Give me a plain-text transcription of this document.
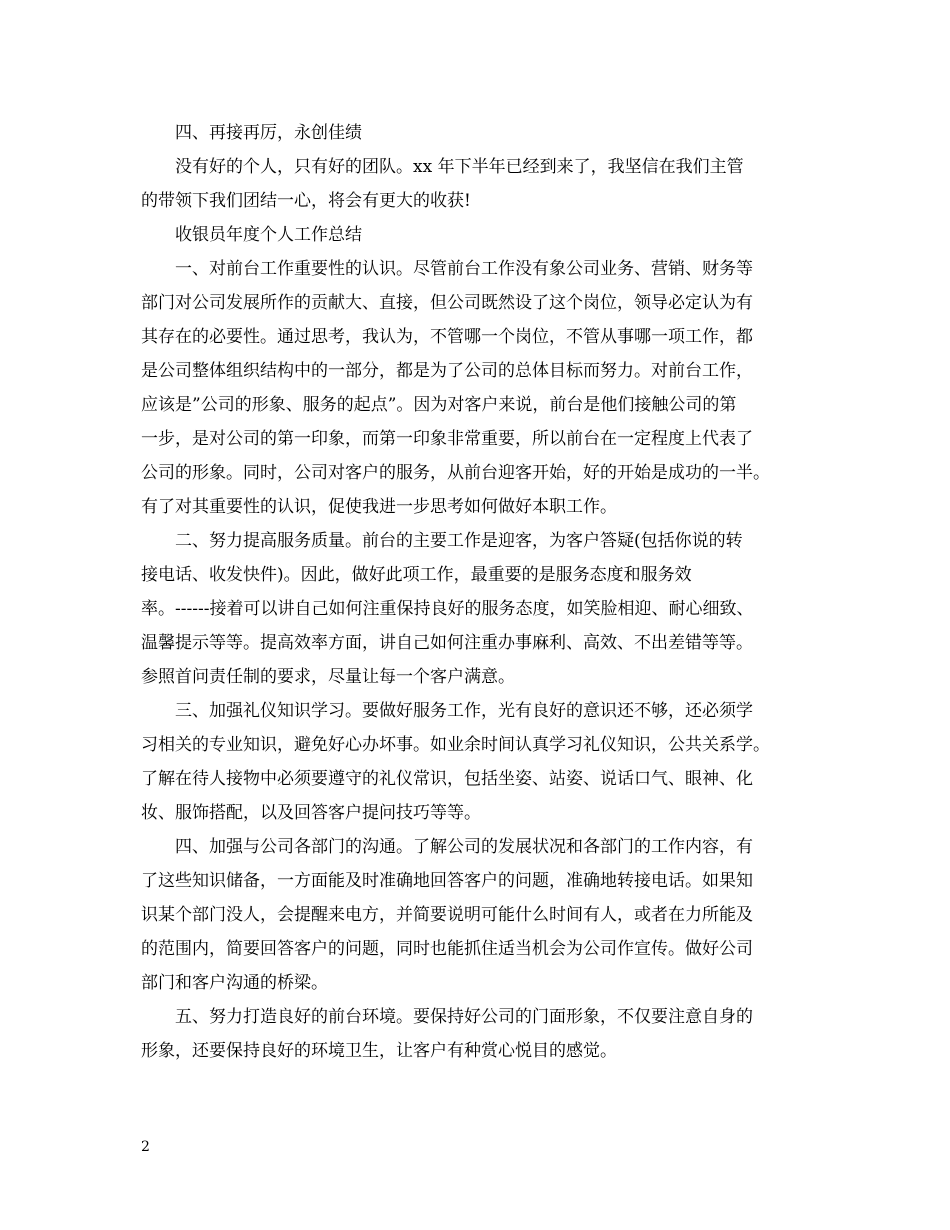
四、再接再厉，永创佳绩
没有好的个人，只有好的团队。xx 年下半年已经到来了，我坚信在我们主管
的带领下我们团结一心，将会有更大的收获!
收银员年度个人工作总结
一、对前台工作重要性的认识。尽管前台工作没有象公司业务、营销、财务等
部门对公司发展所作的贡献大、直接，但公司既然设了这个岗位，领导必定认为有
其存在的必要性。通过思考，我认为，不管哪一个岗位，不管从事哪一项工作，都
是公司整体组织结构中的一部分，都是为了公司的总体目标而努力。对前台工作，
应该是”公司的形象、服务的起点”。因为对客户来说，前台是他们接触公司的第
一步，是对公司的第一印象，而第一印象非常重要，所以前台在一定程度上代表了
公司的形象。同时，公司对客户的服务，从前台迎客开始，好的开始是成功的一半。
有了对其重要性的认识，促使我进一步思考如何做好本职工作。
二、努力提高服务质量。前台的主要工作是迎客，为客户答疑(包括你说的转
接电话、收发快件)。因此，做好此项工作，最重要的是服务态度和服务效
率。------接着可以讲自己如何注重保持良好的服务态度，如笑脸相迎、耐心细致、
温馨提示等等。提高效率方面，讲自己如何注重办事麻利、高效、不出差错等等。
参照首问责任制的要求，尽量让每一个客户满意。
三、加强礼仪知识学习。要做好服务工作，光有良好的意识还不够，还必须学
习相关的专业知识，避免好心办坏事。如业余时间认真学习礼仪知识，公共关系学。
了解在待人接物中必须要遵守的礼仪常识，包括坐姿、站姿、说话口气、眼神、化
妆、服饰搭配，以及回答客户提问技巧等等。
四、加强与公司各部门的沟通。了解公司的发展状况和各部门的工作内容，有
了这些知识储备，一方面能及时准确地回答客户的问题，准确地转接电话。如果知
识某个部门没人，会提醒来电方，并简要说明可能什么时间有人，或者在力所能及
的范围内，简要回答客户的问题，同时也能抓住适当机会为公司作宣传。做好公司
部门和客户沟通的桥梁。
五、努力打造良好的前台环境。要保持好公司的门面形象，不仅要注意自身的
形象，还要保持良好的环境卫生，让客户有种赏心悦目的感觉。
2
